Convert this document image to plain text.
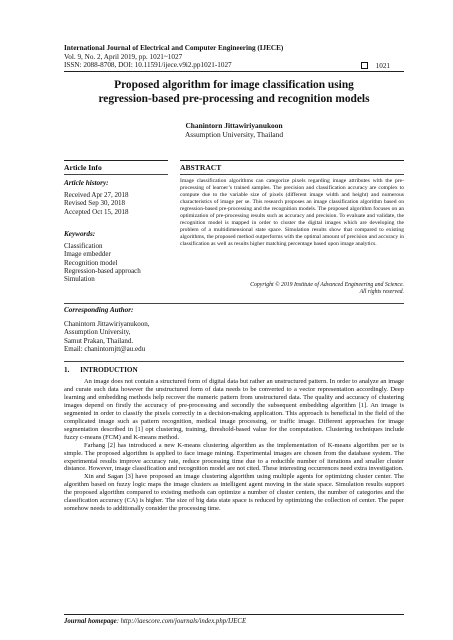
International Journal of Electrical and Computer Engineering (IJECE)
Vol. 9, No. 2, April 2019, pp. 1021~1027
ISSN: 2088-8708, DOI: 10.11591/ijece.v9i2.pp1021-1027	1021
Proposed algorithm for image classification using
regression-based pre-processing and recognition models
Chanintorn Jittawiriyanukoon
Assumption University, Thailand
Article Info	ABSTRACT
Article history:
Received Apr 27, 2018
Revised Sep 30, 2018
Accepted Oct 15, 2018
Keywords:
Classification
Image embedder
Recognition model
Regression-based approach
Simulation
Image classification algorithms can categorize pixels regarding image attributes with the pre-processing of learner’s trained samples. The precision and classification accuracy are complex to compute due to the variable size of pixels (different image width and height) and numerous characteristics of image per se. This research proposes an image classification algorithm based on regression-based pre-processing and the recognition models. The proposed algorithm focuses on an optimization of pre-processing results such as accuracy and precision. To evaluate and validate, the recognition model is mapped in order to cluster the digital images which are developing the problem of a multidimensional state space. Simulation results show that compared to existing algorithms, the proposed method outperforms with the optimal amount of precision and accuracy in classification as well as results higher matching percentage based upon image analytics.
Copyright © 2019 Institute of Advanced Engineering and Science.
All rights reserved.
Corresponding Author:
Chanintorn Jittawiriyanukoon,
Assumption University,
Samut Prakan, Thailand.
Email: chanintornjtt@au.edu
1.      INTRODUCTION

An image does not contain a structured form of digital data but rather an unstructured pattern. In order to analyze an image and curate such data however the unstructured form of data needs to be converted to a vector representation accordingly. Deep learning and embedding methods help recover the numeric pattern from unstructured data. The quality and accuracy of clustering images depend on firstly the accuracy of pre-processing and secondly the subsequent embedding algorithm [1]. An image is segmented in order to classify the pixels correctly in a decision-making application. This approach is beneficial in the field of the complicated image such as pattern recognition, medical image processing, or traffic image. Different approaches for image segmentation described in [1] opt clustering, training, threshold-based value for the computation. Clustering techniques include fuzzy c-means (FCM) and K-means method.

Farhang [2] has introduced a new K-means clustering algorithm as the implementation of K-means algorithm per se is simple. The proposed algorithm is applied to face image mining. Experimental images are chosen from the database system. The experimental results improve accuracy rate, reduce processing time due to a reducible number of iterations and smaller cluster distance. However, image classification and recognition model are not cited. These interesting occurrences need extra investigation.

Xin and Sagan [3] have proposed an image clustering algorithm using multiple agents for optimizing cluster center. The algorithm based on fuzzy logic maps the image clusters as intelligent agent moving in the state space. Simulation results support the proposed algorithm compared to existing methods can optimize a number of cluster centers, the number of categories and the classification accuracy (CA) is higher. The size of big data state space is reduced by optimizing the collection of center. The paper somehow needs to additionally consider the processing time.

Journal homepage: http://iaescore.com/journals/index.php/IJECE
